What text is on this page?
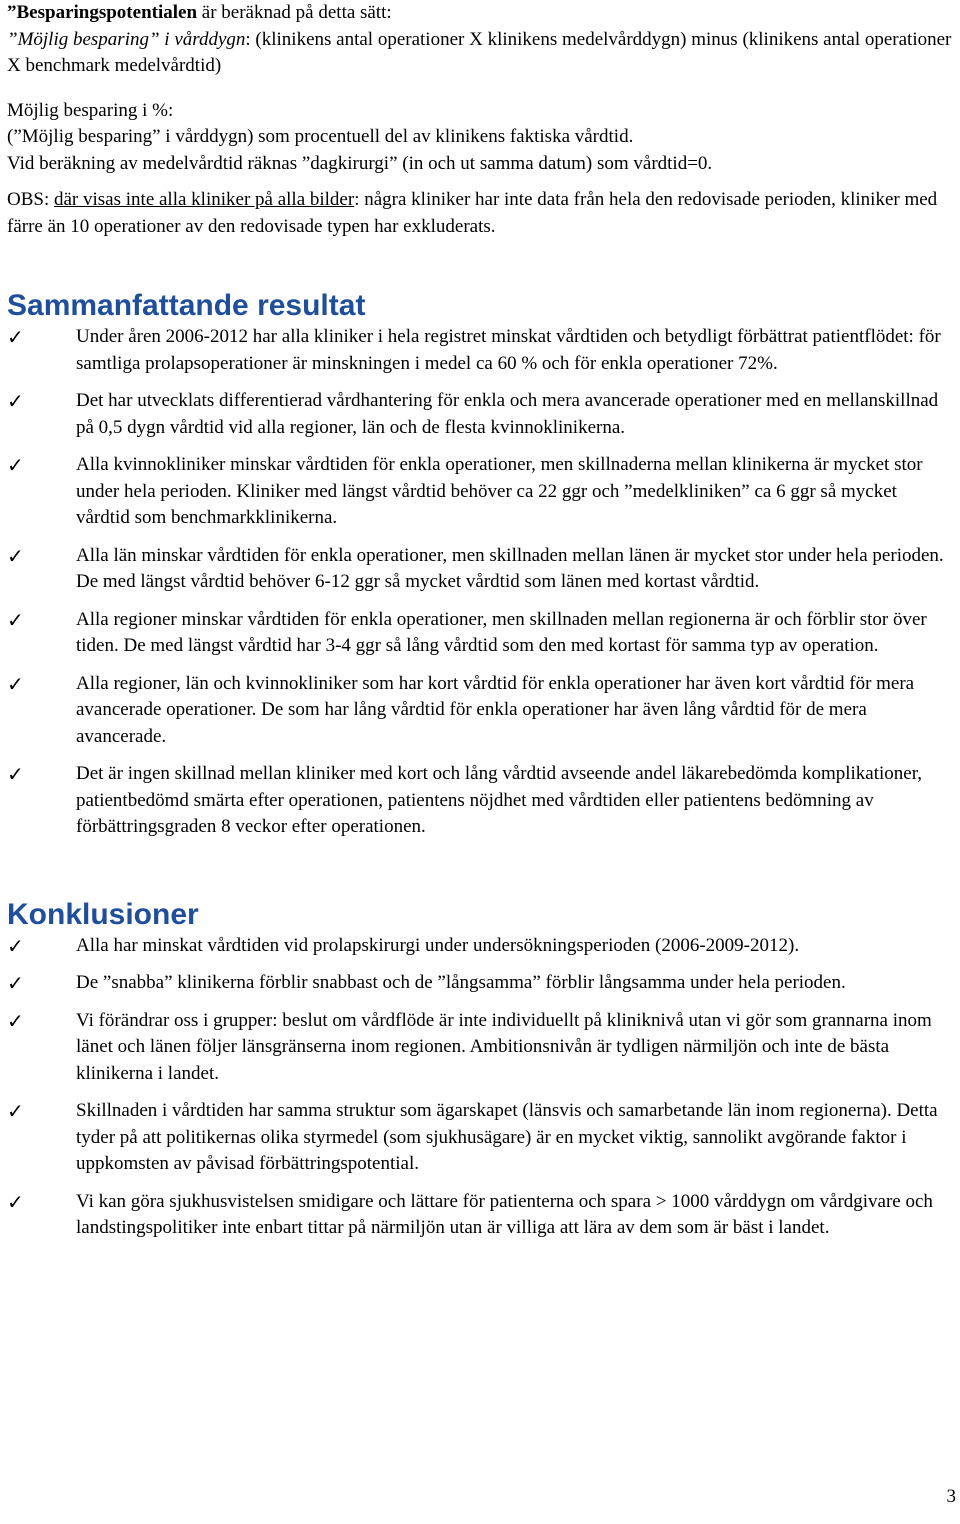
”Besparingspotentialen är beräknad på detta sätt:
”Möjlig besparing” i vårddygn: (klinikens antal operationer X klinikens medelvårddygn) minus (klinikens antal operationer X benchmark medelvårdtid)

Möjlig besparing i %:
(”Möjlig besparing” i vårddygn) som procentuell del av klinikens faktiska vårdtid.
Vid beräkning av medelvårdtid räknas ”dagkirurgi” (in och ut samma datum) som vårdtid=0.

OBS: där visas inte alla kliniker på alla bilder: några kliniker har inte data från hela den redovisade perioden, kliniker med färre än 10 operationer av den redovisade typen har exkluderats.

Sammanfattande resultat
✓	Under åren 2006-2012 har alla kliniker i hela registret minskat vårdtiden och betydligt förbättrat patientflödet: för samtliga prolapsoperationer är minskningen i medel ca 60 % och för enkla operationer 72%.
✓	Det har utvecklats differentierad vårdhantering för enkla och mera avancerade operationer med en mellanskillnad på 0,5 dygn vårdtid vid alla regioner, län och de flesta kvinnoklinikerna.
✓	Alla kvinnokliniker minskar vårdtiden för enkla operationer, men skillnaderna mellan klinikerna är mycket stor under hela perioden. Kliniker med längst vårdtid behöver ca 22 ggr och ”medelkliniken” ca 6 ggr så mycket vårdtid som benchmarkklinikerna.
✓	Alla län minskar vårdtiden för enkla operationer, men skillnaden mellan länen är mycket stor under hela perioden. De med längst vårdtid behöver 6-12 ggr så mycket vårdtid som länen med kortast vårdtid.
✓	Alla regioner minskar vårdtiden för enkla operationer, men skillnaden mellan regionerna är och förblir stor över tiden. De med längst vårdtid har 3-4 ggr så lång vårdtid som den med kortast för samma typ av operation.
✓	Alla regioner, län och kvinnokliniker som har kort vårdtid för enkla operationer har även kort vårdtid för mera avancerade operationer. De som har lång vårdtid för enkla operationer har även lång vårdtid för de mera avancerade.
✓	Det är ingen skillnad mellan kliniker med kort och lång vårdtid avseende andel läkarebedömda komplikationer, patientbedömd smärta efter operationen, patientens nöjdhet med vårdtiden eller patientens bedömning av förbättringsgraden 8 veckor efter operationen.
Konklusioner
✓	Alla har minskat vårdtiden vid prolapskirurgi under undersökningsperioden (2006-2009-2012).
✓	De ”snabba” klinikerna förblir snabbast och de ”långsamma” förblir långsamma under hela perioden.
✓	Vi förändrar oss i grupper: beslut om vårdflöde är inte individuellt på kliniknivå utan vi gör som grannarna inom länet och länen följer länsgränserna inom regionen. Ambitionsnivån är tydligen närmiljön och inte de bästa klinikerna i landet.
✓	Skillnaden i vårdtiden har samma struktur som ägarskapet (länsvis och samarbetande län inom regionerna). Detta tyder på att politikernas olika styrmedel (som sjukhusägare) är en mycket viktig, sannolikt avgörande faktor i uppkomsten av påvisad förbättringspotential.
✓	Vi kan göra sjukhusvistelsen smidigare och lättare för patienterna och spara > 1000 vårddygn om vårdgivare och landstingspolitiker inte enbart tittar på närmiljön utan är villiga att lära av dem som är bäst i landet.
3
